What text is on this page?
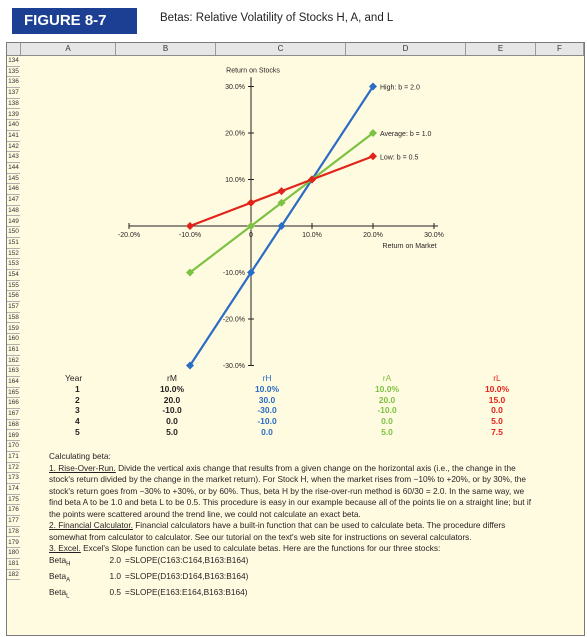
FIGURE 8-7	Betas: Relative Volatility of Stocks H, A, and L
A	B	C	D	E	F
134
135
136
137
138
139
140
141
142
143
144
145
146
147
148
149
150
151
152
153
154
155
156
157
158
159
160
161
162
163
164
165
166
167
168
169
170
171
172
173
174
175
176
177
178
179
180
181
182
-20.0%	-10.0%	0	10.0%	20.0%	30.0%
30.0%
20.0%
10.0%
-10.0%
-20.0%
-30.0%
Return on Stocks
Return on Market
High: b = 2.0
Average: b = 1.0
Low: b = 0.5
Year	rM	rH	rA	rL
1	10.0%	10.0%	10.0%	10.0%
2	20.0	30.0	20.0	15.0
3	-10.0	-30.0	-10.0	0.0
4	0.0	-10.0	0.0	5.0
5	5.0	0.0	5.0	7.5

Calculating beta:

1. Rise-Over-Run. Divide the vertical axis change that results from a given change on the horizontal axis (i.e., the change in the stock's return divided by the change in the market return). For Stock H, when the market rises from −10% to +20%, or by 30%, the stock's return goes from −30% to +30%, or by 60%. Thus, beta H by the rise-over-run method is 60/30 = 2.0. In the same way, we find beta A to be 1.0 and beta L to be 0.5. This procedure is easy in our example because all of the points lie on a straight line; but if the points were scattered around the trend line, we could not calculate an exact beta.

2. Financial Calculator. Financial calculators have a built-in function that can be used to calculate beta. The procedure differs somewhat from calculator to calculator. See our tutorial on the text's web site for instructions on several calculators.

3. Excel. Excel's Slope function can be used to calculate betas. Here are the functions for our three stocks:

Beta$_H$	2.0 =SLOPE(C163:C164,B163:B164)
Beta$_A$	1.0 =SLOPE(D163:D164,B163:B164)
Beta$_L$	0.5 =SLOPE(E163:E164,B163:B164)
